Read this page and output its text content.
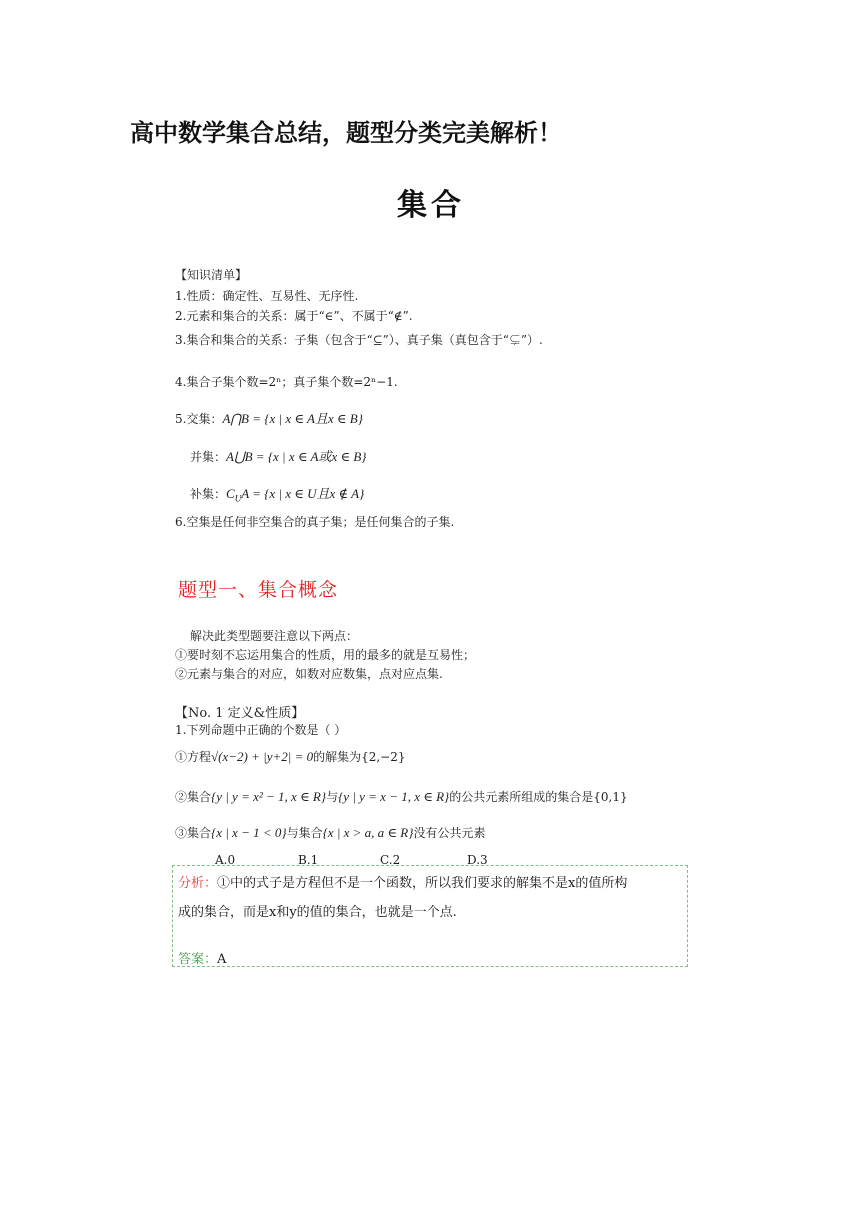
高中数学集合总结，题型分类完美解析！
集合
【知识清单】
1.性质：确定性、互易性、无序性.
2.元素和集合的关系：属于“∈”、不属于“∉”.
3.集合和集合的关系：子集（包含于“⊆”）、真子集（真包含于“⊊”）.
4.集合子集个数=2ⁿ；真子集个数=2ⁿ−1.
5.交集：A⋂B = {x | x ∈ A且x ∈ B}
并集：A⋃B = {x | x ∈ A或x ∈ B}
补集：$C_UA = \{x$ | x ∈ U且x ∉ A}
6.空集是任何非空集合的真子集；是任何集合的子集.
题型一、集合概念
解决此类型题要注意以下两点：
①要时刻不忘运用集合的性质，用的最多的就是互易性；
②元素与集合的对应，如数对应数集，点对应点集.
【No. 1 定义&性质】
1.下列命题中正确的个数是（ ）
①方程√(x−2) + |y+2| = 0的解集为{2,−2}
②集合{y | y = x² − 1, x ∈ R}与{y | y = x − 1, x ∈ R}的公共元素所组成的集合是{0,1}
③集合{x | x − 1 < 0}与集合{x | x > a, a ∈ R}没有公共元素
A.0	B.1	C.2	D.3
分析：①中的式子是方程但不是一个函数，所以我们要求的解集不是x的值所构
成的集合，而是x和y的值的集合，也就是一个点.
答案：A
